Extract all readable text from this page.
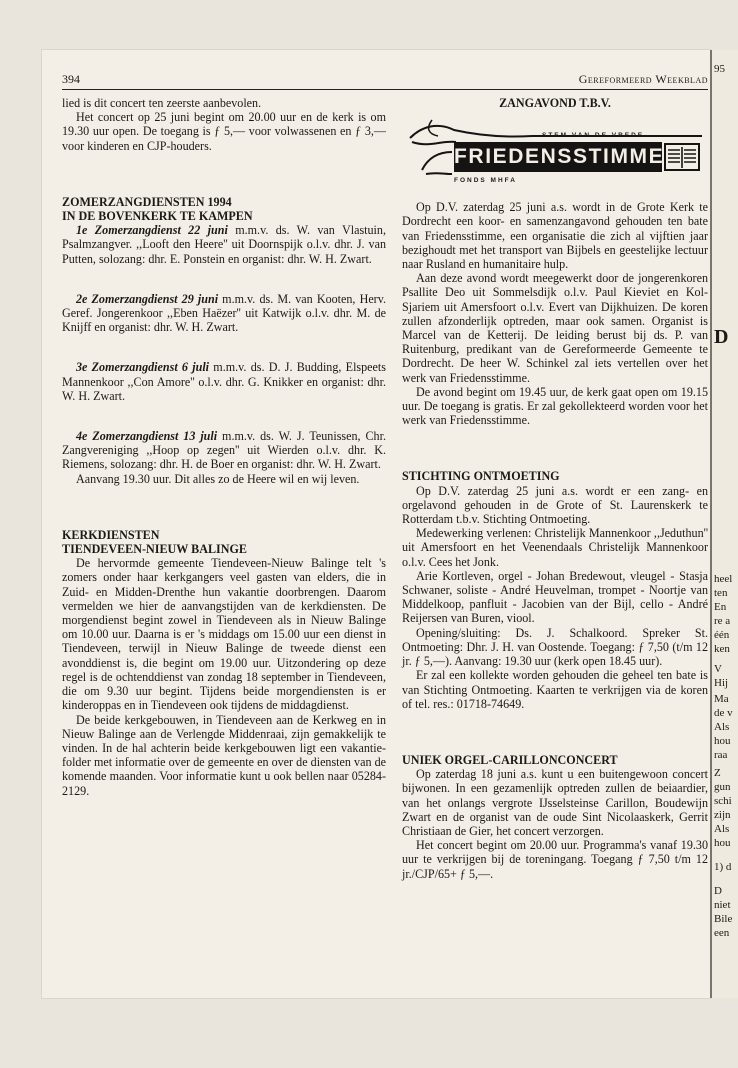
95
D
heel
ten
En
re a
één
ken
V
Hij
Ma
de v
Als
hou
raa
Z
gun
schi
zijn
Als
hou
1) d
D
niet
Bile
een
394	Gereformeerd Weekblad

lied is dit concert ten zeerste aanbevolen.

Het concert op 25 juni begint om 20.00 uur en de kerk is om 19.30 uur open. De toegang is ƒ 5,— voor volwassenen en ƒ 3,— voor kinderen en CJP-houders.

ZOMERZANGDIENSTEN 1994
IN DE BOVENKERK TE KAMPEN

1e Zomerzangdienst 22 juni m.m.v. ds. W. van Vlastuin, Psalmzangver. ,,Looft den Heere'' uit Doornspijk o.l.v. dhr. J. van Putten, solozang: dhr. E. Ponstein en organist: dhr. W. H. Zwart.

2e Zomerzangdienst 29 juni m.m.v. ds. M. van Kooten, Herv. Geref. Jongerenkoor ,,Eben Haëzer'' uit Katwijk o.l.v. dhr. M. de Knijff en organist: dhr. W. H. Zwart.

3e Zomerzangdienst 6 juli m.m.v. ds. D. J. Budding, Elspeets Mannenkoor ,,Con Amore'' o.l.v. dhr. G. Knikker en organist: dhr. W. H. Zwart.

4e Zomerzangdienst 13 juli m.m.v. ds. W. J. Teunissen, Chr. Zangvereniging ,,Hoop op zegen'' uit Wierden o.l.v. dhr. K. Riemens, solozang: dhr. H. de Boer en organist: dhr. W. H. Zwart.

Aanvang 19.30 uur. Dit alles zo de Heere wil en wij leven.

KERKDIENSTEN
TIENDEVEEN-NIEUW BALINGE

De hervormde gemeente Tiendeveen-Nieuw Balinge telt 's zomers onder haar kerkgangers veel gasten van elders, die in Zuid- en Midden-Drenthe hun vakantie doorbrengen. Daarom vermelden we hier de aanvangstijden van de kerkdiensten. De morgendienst begint zowel in Tiendeveen als in Nieuw Balinge om 10.00 uur. Daarna is er 's middags om 15.00 uur een dienst in Tiendeveen, terwijl in Nieuw Balinge de tweede dienst een avonddienst is, die begint om 19.00 uur. Uitzondering op deze regel is de ochtenddienst van zondag 18 september in Tiendeveen, die om 9.30 uur begint. Tijdens beide morgendiensten is er kinderoppas en in Tiendeveen ook tijdens de middagdienst.

De beide kerkgebouwen, in Tiendeveen aan de Kerkweg en in Nieuw Balinge aan de Verlengde Middenraai, zijn gemakkelijk te vinden. In de hal achterin beide kerkgebouwen ligt een vakantie-folder met informatie over de gemeente en over de diensten van de komende maanden. Voor informatie kunt u ook bellen naar 05284-2129.

ZANGAVOND T.B.V.
STEM VAN DE VREDE
FRIEDENSSTIMME
FONDS MHFA

Op D.V. zaterdag 25 juni a.s. wordt in de Grote Kerk te Dordrecht een koor- en samenzangavond gehouden ten bate van Friedensstimme, een organisatie die zich al vijftien jaar bezighoudt met het transport van Bijbels en geestelijke lectuur naar Rusland en humanitaire hulp.

Aan deze avond wordt meegewerkt door de jongerenkoren Psallite Deo uit Sommelsdijk o.l.v. Paul Kieviet en Kol-Sjariem uit Amersfoort o.l.v. Evert van Dijkhuizen. De koren zullen afzonderlijk optreden, maar ook samen. Organist is Marcel van de Ketterij. De leiding berust bij ds. P. van Ruitenburg, predikant van de Gereformeerde Gemeente te Dordrecht. De heer W. Schinkel zal iets vertellen over het werk van Friedensstimme.

De avond begint om 19.45 uur, de kerk gaat open om 19.15 uur. De toegang is gratis. Er zal gekollekteerd worden voor het werk van Friedensstimme.

STICHTING ONTMOETING

Op D.V. zaterdag 25 juni a.s. wordt er een zang- en orgelavond gehouden in de Grote of St. Laurenskerk te Rotterdam t.b.v. Stichting Ontmoeting.

Medewerking verlenen: Christelijk Mannenkoor ,,Jeduthun'' uit Amersfoort en het Veenendaals Christelijk Mannenkoor o.l.v. Cees het Jonk.

Arie Kortleven, orgel - Johan Bredewout, vleugel - Stasja Schwaner, soliste - André Heuvelman, trompet - Noortje van Middelkoop, panfluit - Jacobien van der Bijl, cello - André Reijersen van Buren, viool.

Opening/sluiting: Ds. J. Schalkoord. Spreker St. Ontmoeting: Dhr. J. H. van Oostende. Toegang: ƒ 7,50 (t/m 12 jr. ƒ 5,—). Aanvang: 19.30 uur (kerk open 18.45 uur).

Er zal een kollekte worden gehouden die geheel ten bate is van Stichting Ontmoeting. Kaarten te verkrijgen via de koren of tel. res.: 01718-74649.

UNIEK ORGEL-CARILLONCONCERT

Op zaterdag 18 juni a.s. kunt u een buitengewoon concert bijwonen. In een gezamenlijk optreden zullen de beiaardier, van het onlangs vergrote IJsselsteinse Carillon, Boudewijn Zwart en de organist van de oude Sint Nicolaaskerk, Gerrit Christiaan de Gier, het concert verzorgen.

Het concert begint om 20.00 uur. Programma's vanaf 19.30 uur te verkrijgen bij de toreningang. Toegang ƒ 7,50 t/m 12 jr./CJP/65+ ƒ 5,—.
